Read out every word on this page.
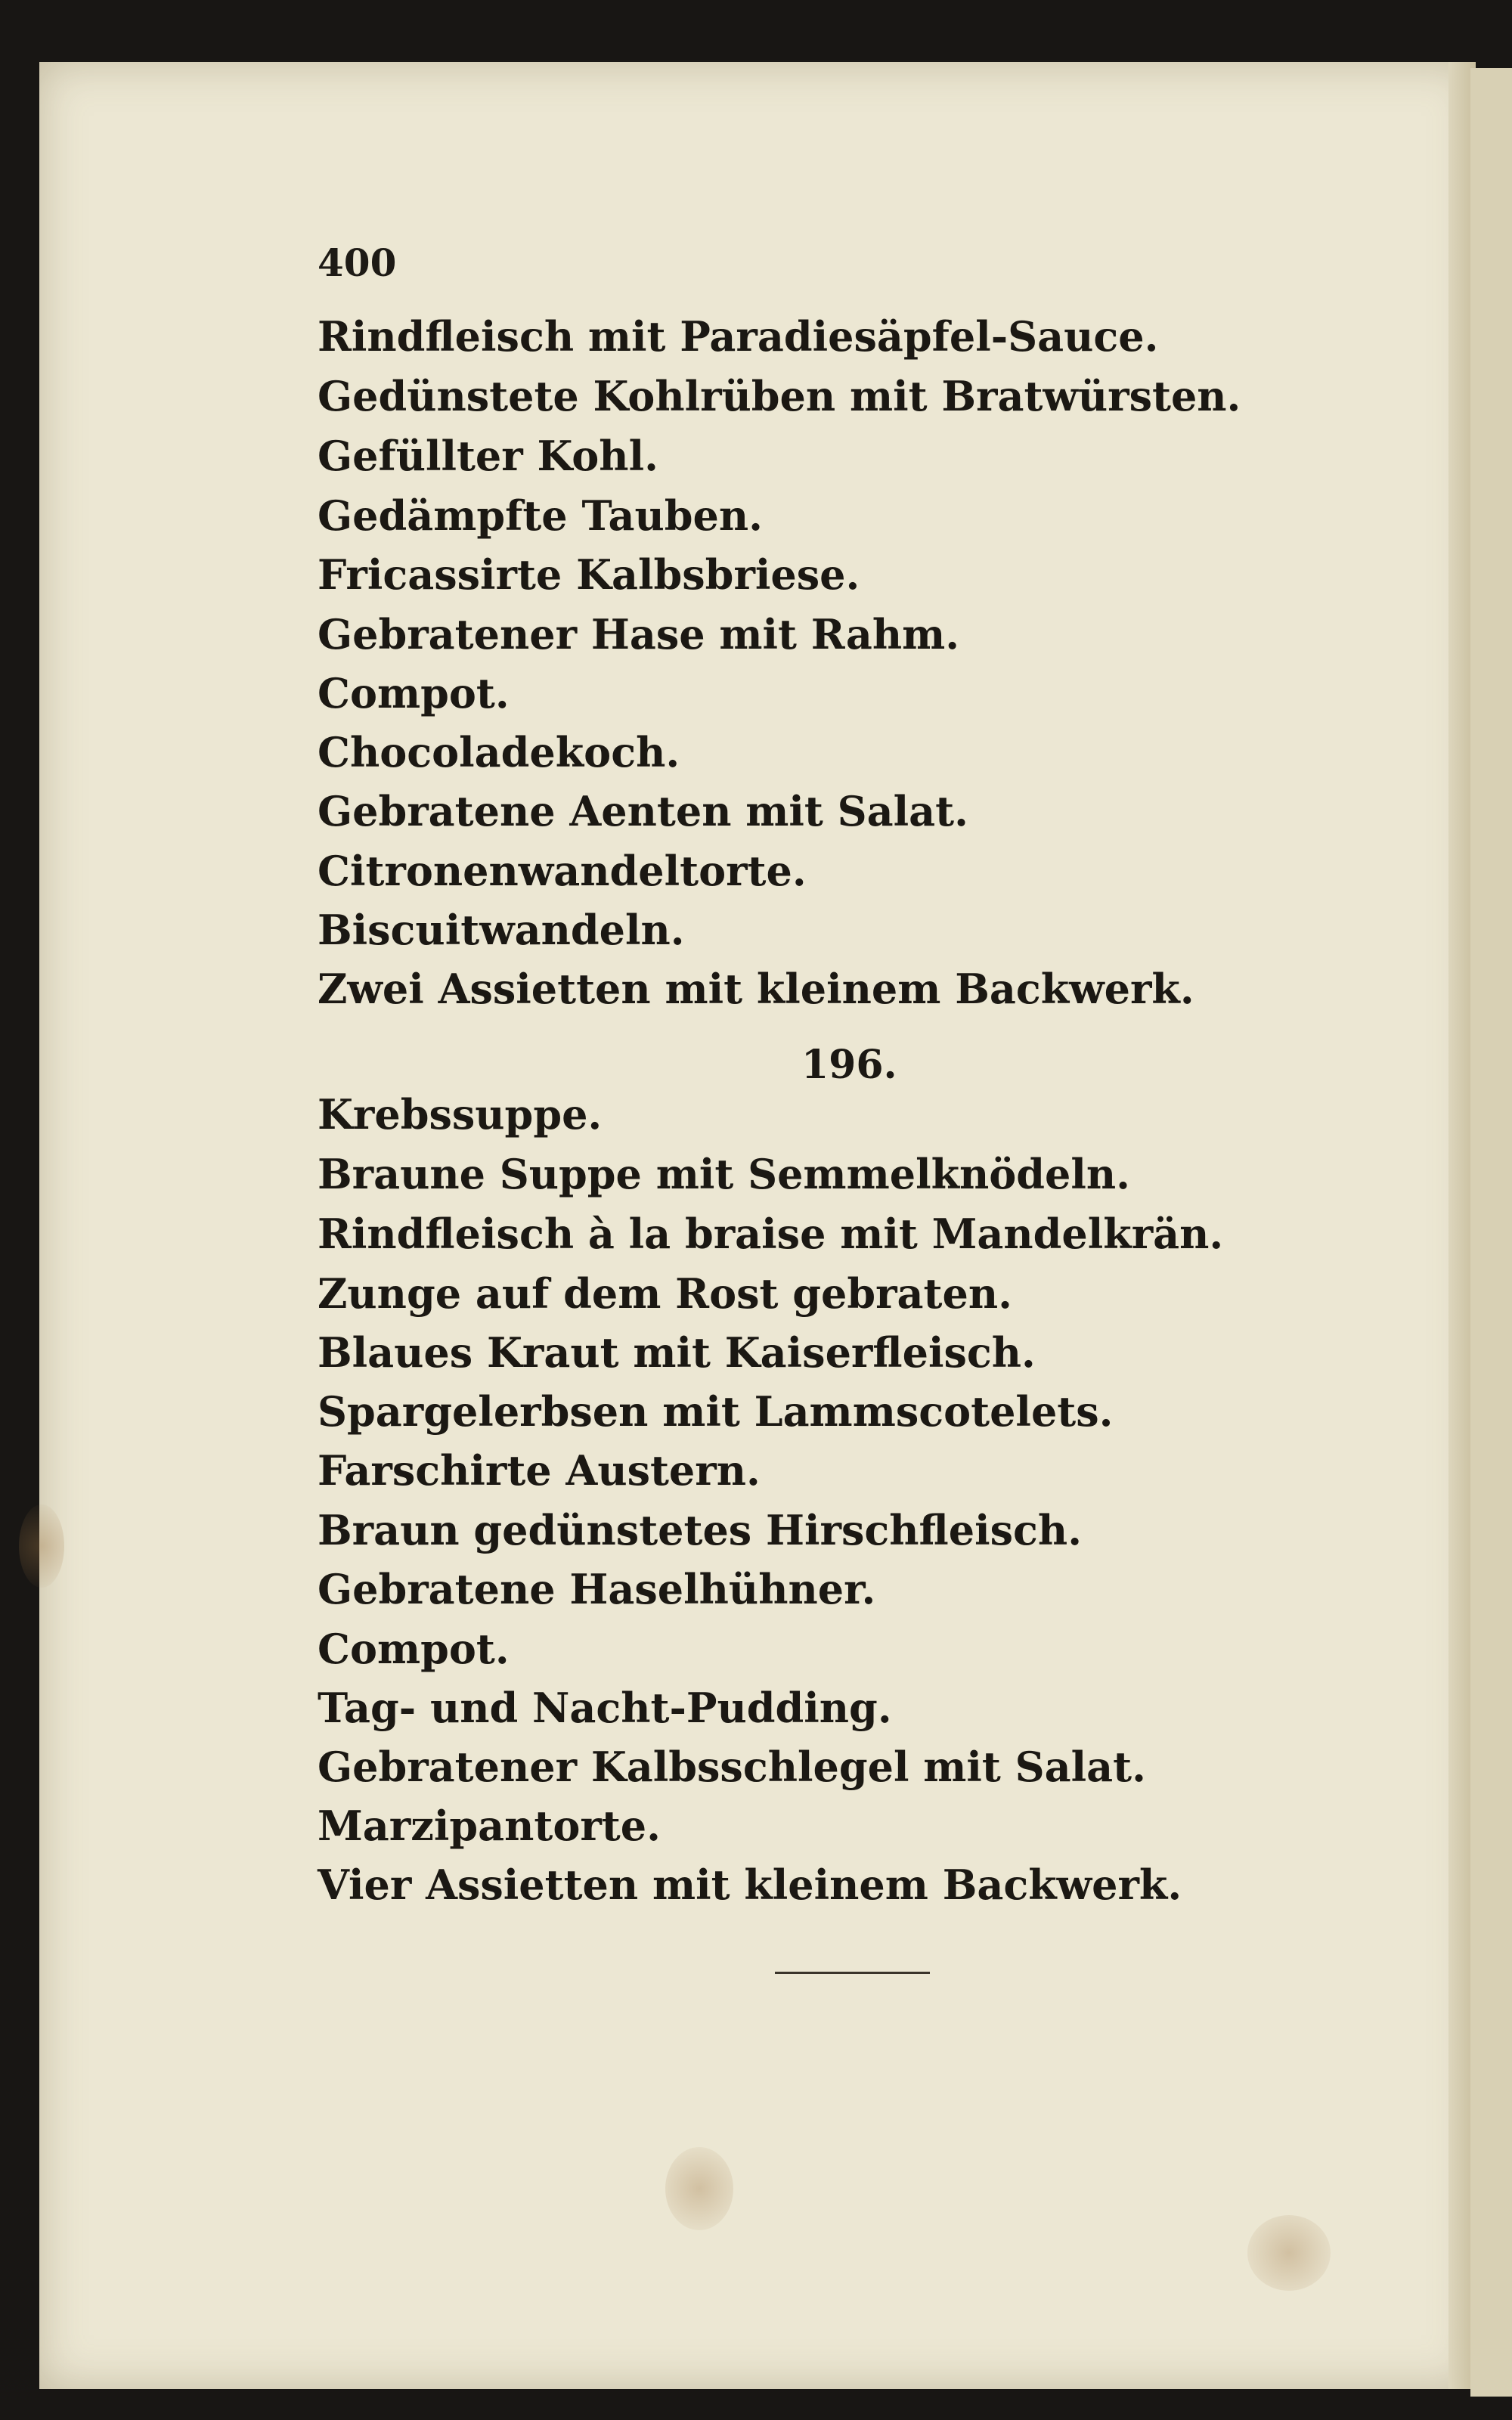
400
Rindfleisch mit Paradiesäpfel-Sauce.
Gedünstete Kohlrüben mit Bratwürsten.
Gefüllter Kohl.
Gedämpfte Tauben.
Fricassirte Kalbsbriese.
Gebratener Hase mit Rahm.
Compot.
Chocoladekoch.
Gebratene Aenten mit Salat.
Citronenwandeltorte.
Biscuitwandeln.
Zwei Assietten mit kleinem Backwerk.
196.
Krebssuppe.
Braune Suppe mit Semmelknödeln.
Rindfleisch à la braise mit Mandelkrän.
Zunge auf dem Rost gebraten.
Blaues Kraut mit Kaiserfleisch.
Spargelerbsen mit Lammscotelets.
Farschirte Austern.
Braun gedünstetes Hirschfleisch.
Gebratene Haselhühner.
Compot.
Tag- und Nacht-Pudding.
Gebratener Kalbsschlegel mit Salat.
Marzipantorte.
Vier Assietten mit kleinem Backwerk.
